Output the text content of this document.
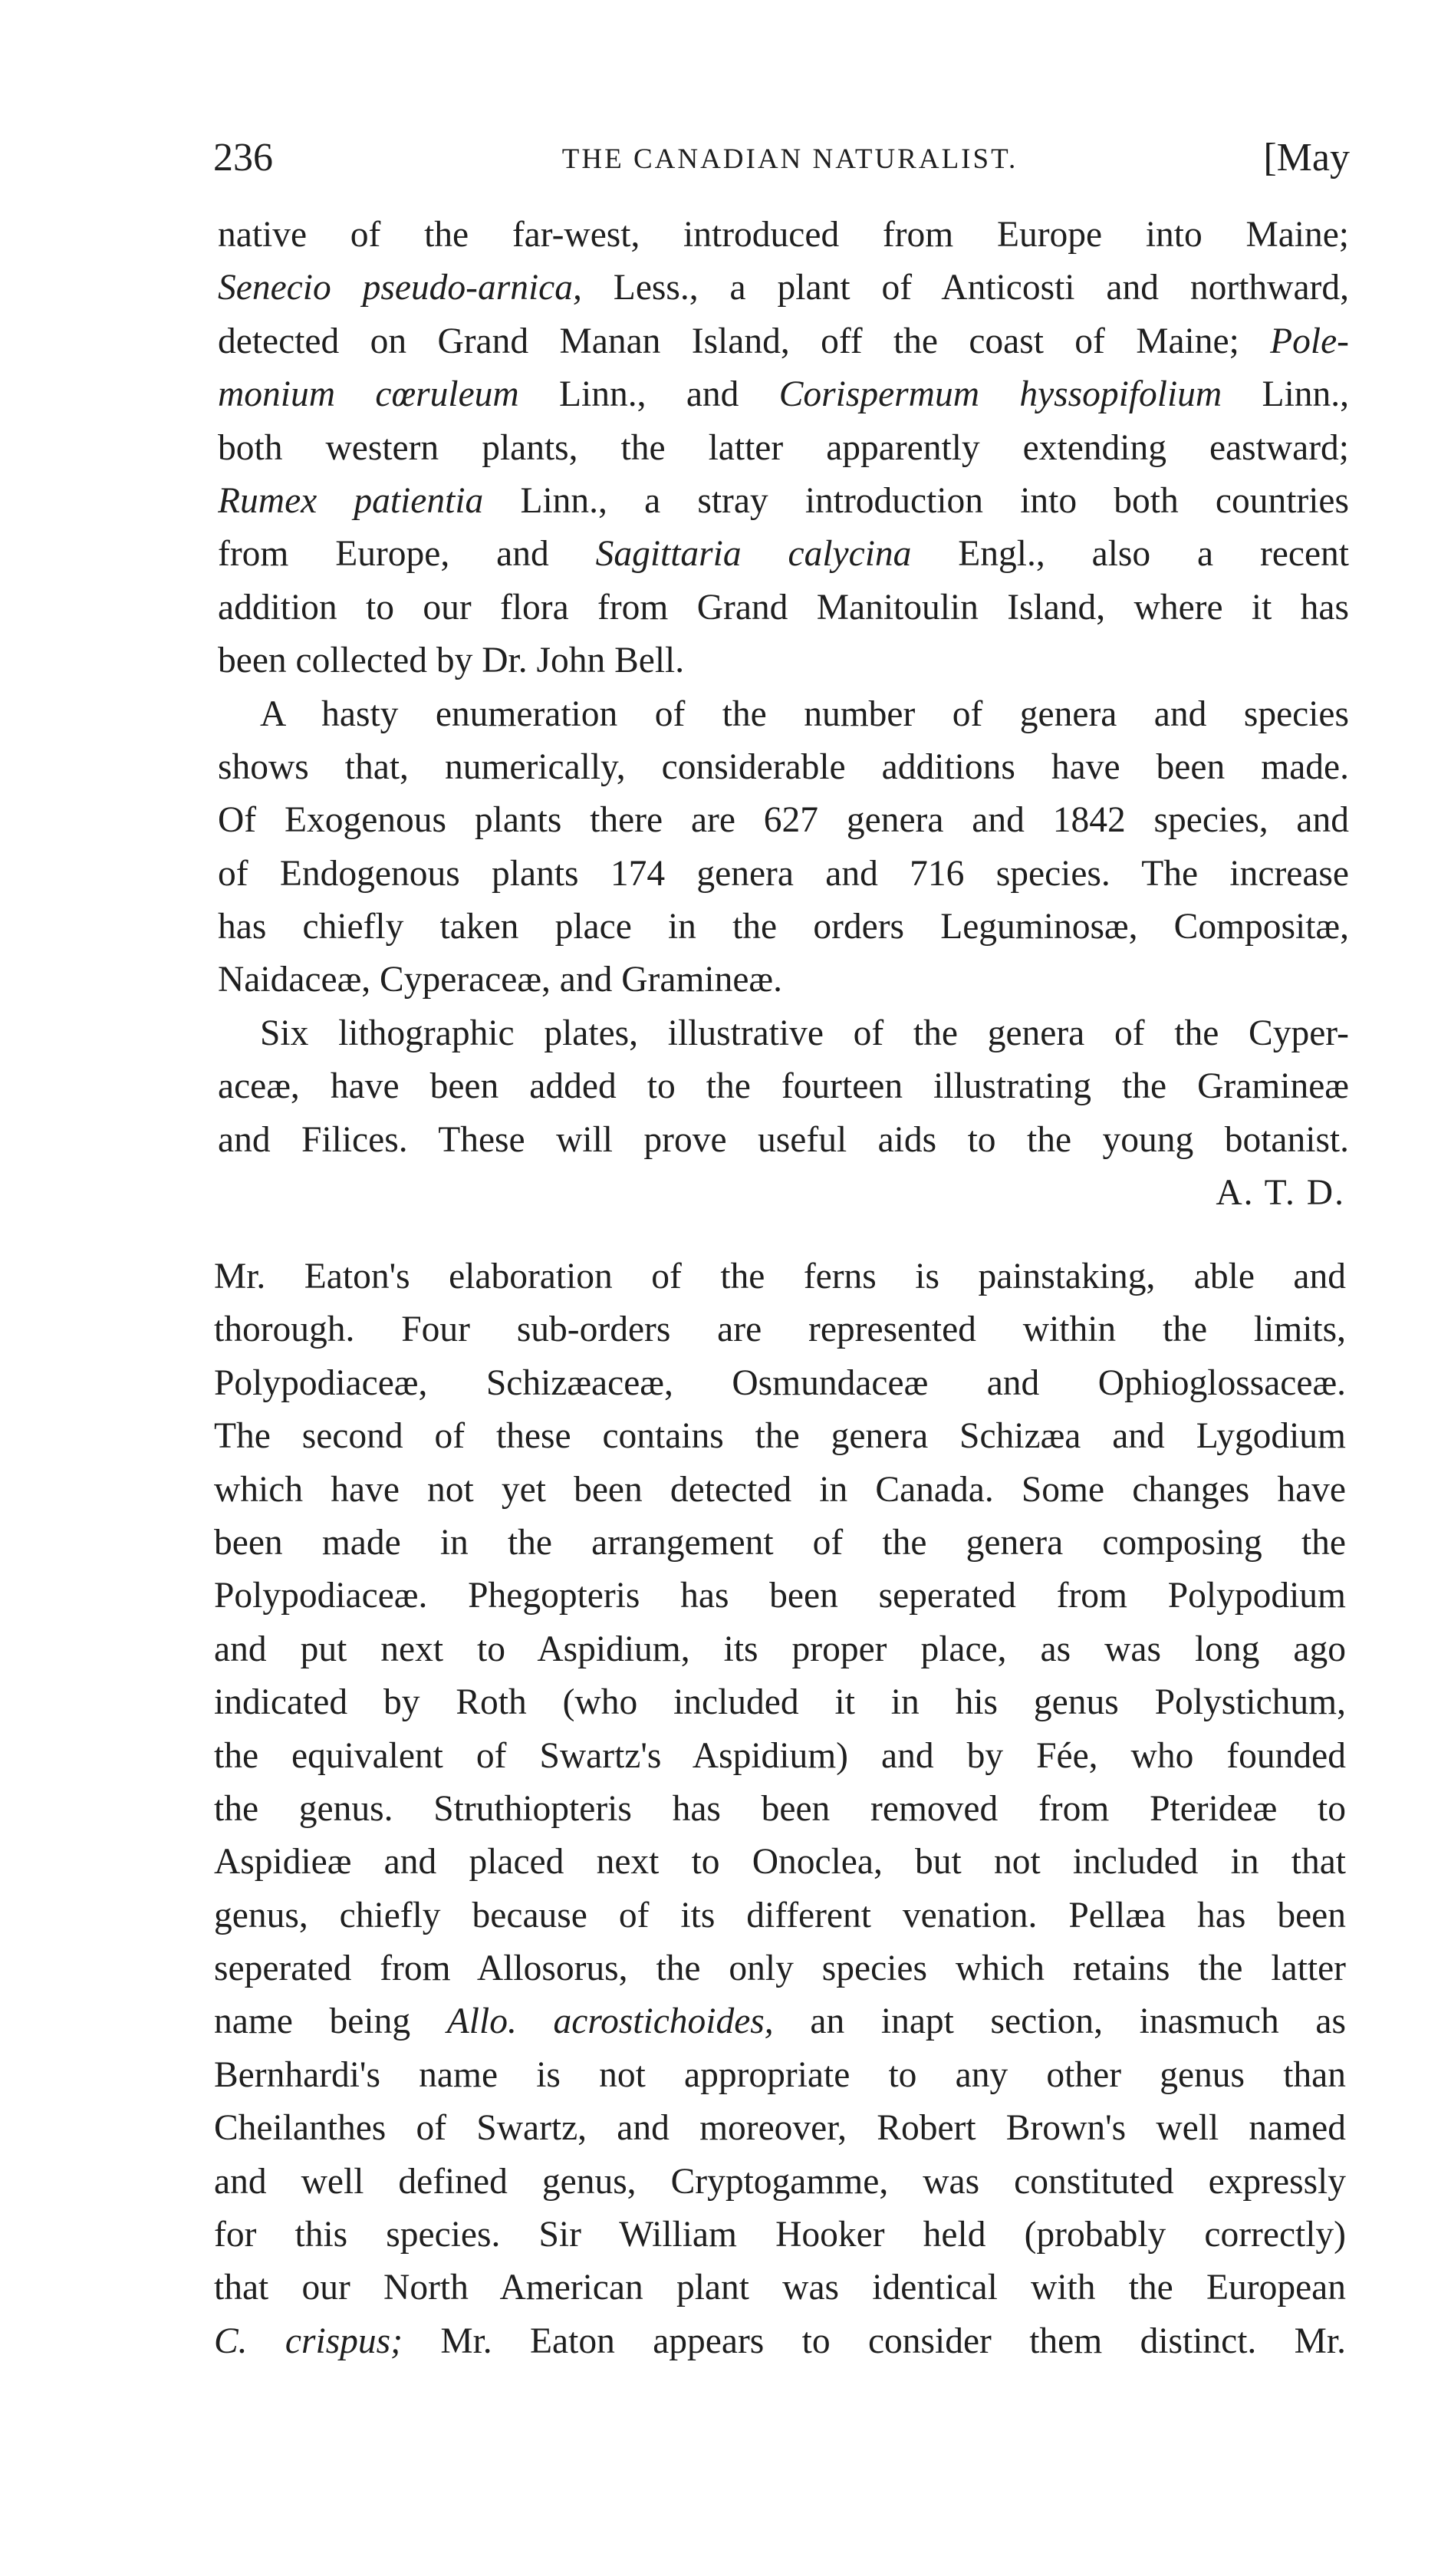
236	THE CANADIAN NATURALIST.	[May
native of the far-west, introduced from Europe into Maine;
Senecio pseudo-arnica, Less., a plant of Anticosti and northward,
detected on Grand Manan Island, off the coast of Maine; Pole-
monium cœruleum Linn., and Corispermum hyssopifolium Linn.,
both western plants, the latter apparently extending eastward;
Rumex patientia Linn., a stray introduction into both countries
from Europe, and Sagittaria calycina Engl., also a recent
addition to our flora from Grand Manitoulin Island, where it has
been collected by Dr. John Bell.
A hasty enumeration of the number of genera and species
shows that, numerically, considerable additions have been made.
Of Exogenous plants there are 627 genera and 1842 species, and
of Endogenous plants 174 genera and 716 species. The increase
has chiefly taken place in the orders Leguminosæ, Compositæ,
Naidaceæ, Cyperaceæ, and Gramineæ.
Six lithographic plates, illustrative of the genera of the Cyper-
aceæ, have been added to the fourteen illustrating the Gramineæ
and Filices. These will prove useful aids to the young botanist.
A. T. D.
Mr. Eaton's elaboration of the ferns is painstaking, able and
thorough. Four sub-orders are represented within the limits,
Polypodiaceæ, Schizæaceæ, Osmundaceæ and Ophioglossaceæ.
The second of these contains the genera Schizæa and Lygodium
which have not yet been detected in Canada. Some changes have
been made in the arrangement of the genera composing the
Polypodiaceæ. Phegopteris has been seperated from Polypodium
and put next to Aspidium, its proper place, as was long ago
indicated by Roth (who included it in his genus Polystichum,
the equivalent of Swartz's Aspidium) and by Fée, who founded
the genus. Struthiopteris has been removed from Pterideæ to
Aspidieæ and placed next to Onoclea, but not included in that
genus, chiefly because of its different venation. Pellæa has been
seperated from Allosorus, the only species which retains the latter
name being Allo. acrostichoides, an inapt section, inasmuch as
Bernhardi's name is not appropriate to any other genus than
Cheilanthes of Swartz, and moreover, Robert Brown's well named
and well defined genus, Cryptogamme, was constituted expressly
for this species. Sir William Hooker held (probably correctly)
that our North American plant was identical with the European
C. crispus; Mr. Eaton appears to consider them distinct. Mr.
